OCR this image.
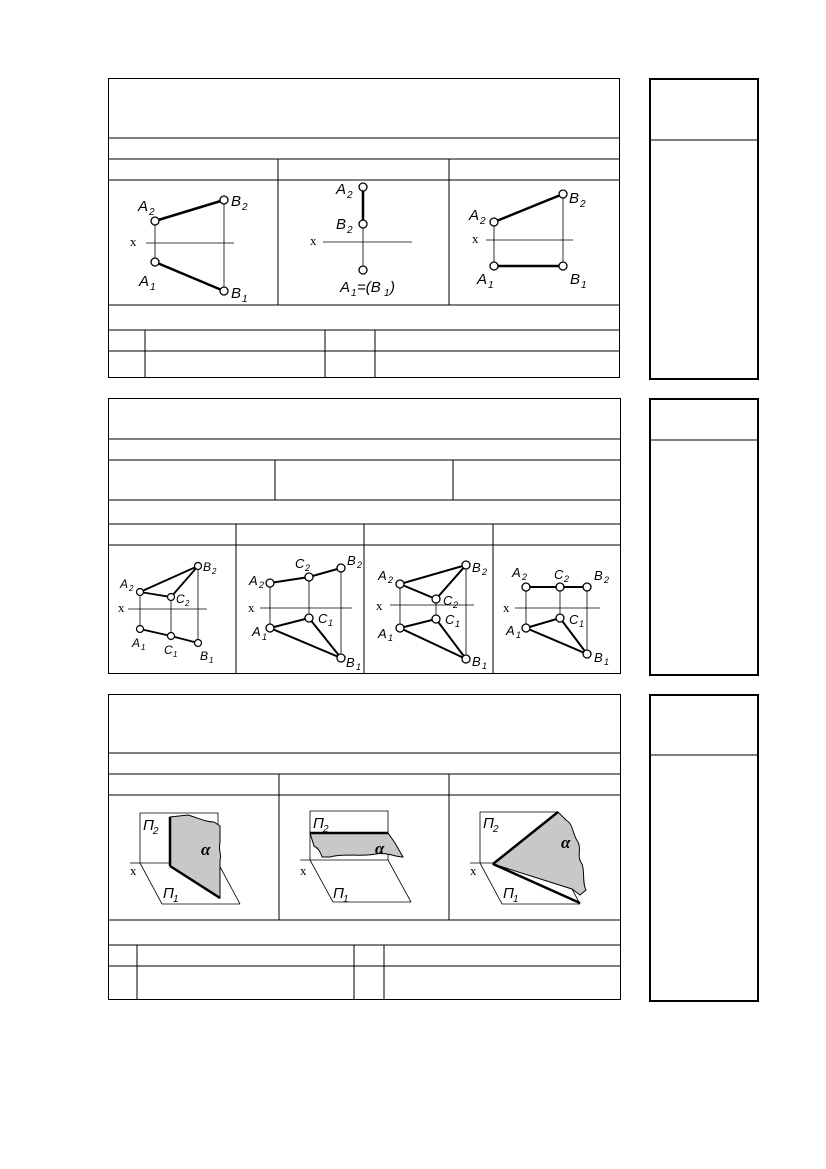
x
A 2
B 2
A 1	B 1
x
A 2
B 2
A 1 =(B 1 )
x
A 2
B 2
A 1	B 1
x
A 2
B 2
C 2
A 1 C 1 B 1
x
A 2
C 2	B 2
A 1
C 1
B 1
x
A 2
B 2
C 2
A 1
C 1
B 1
x
A 2 C 2 B 2
A 1
C 1
B 1
x
П 2
П 1
α
x
П 2
П 1
α
x
П 2
П 1
α
